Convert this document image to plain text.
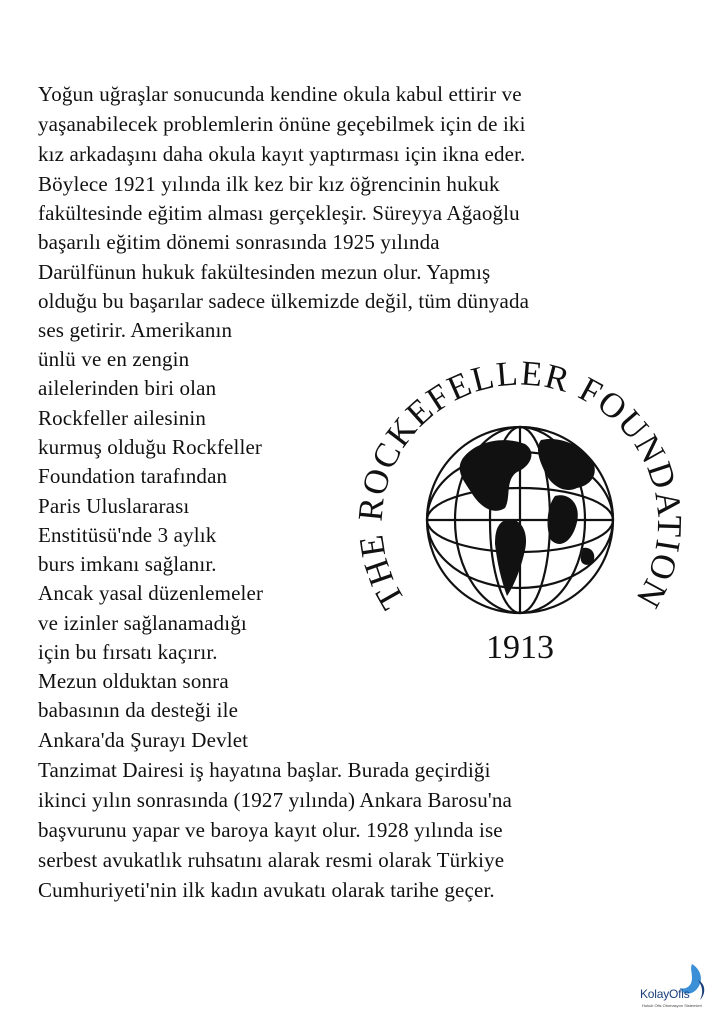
Yoğun uğraşlar sonucunda kendine okula kabul ettirir ve
yaşanabilecek problemlerin önüne geçebilmek için de iki
kız arkadaşını daha okula kayıt yaptırması için ikna eder.
Böylece 1921 yılında ilk kez bir kız öğrencinin hukuk
fakültesinde eğitim alması gerçekleşir. Süreyya Ağaoğlu
başarılı eğitim dönemi sonrasında 1925 yılında
Darülfünun hukuk fakültesinden mezun olur. Yapmış
olduğu bu başarılar sadece ülkemizde değil, tüm dünyada
ses getirir. Amerikanın
ünlü ve en zengin
ailelerinden biri olan
Rockfeller ailesinin
kurmuş olduğu Rockfeller
Foundation tarafından
Paris Uluslararası
Enstitüsü'nde 3 aylık
burs imkanı sağlanır.
Ancak yasal düzenlemeler
ve izinler sağlanamadığı
için bu fırsatı kaçırır.
Mezun olduktan sonra
babasının da desteği ile
Ankara'da Şurayı Devlet
Tanzimat Dairesi iş hayatına başlar. Burada geçirdiği
ikinci yılın sonrasında (1927 yılında) Ankara Barosu'na
başvurunu yapar ve baroya kayıt olur. 1928 yılında ise
serbest avukatlık ruhsatını alarak resmi olarak Türkiye
Cumhuriyeti'nin ilk kadın avukatı olarak tarihe geçer.
THE OCKEFELLER FOUNDA ION
1913
KolayOfis
Hukuk Ofis Otomasyon Sistemleri
